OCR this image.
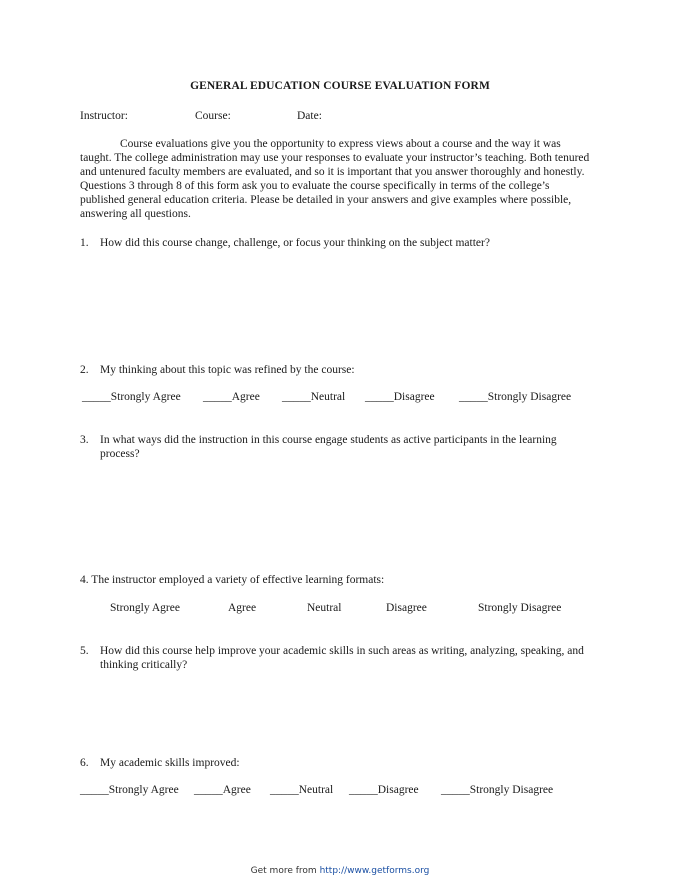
GENERAL EDUCATION COURSE EVALUATION FORM
Instructor:	Course:	Date:
Course evaluations give you the opportunity to express views about a course and the way it was taught. The college administration may use your responses to evaluate your instructor’s teaching. Both tenured and untenured faculty members are evaluated, and so it is important that you answer thoroughly and honestly. Questions 3 through 8 of this form ask you to evaluate the course specifically in terms of the college’s published general education criteria. Please be detailed in your answers and give examples where possible, answering all questions.
1. How did this course change, challenge, or focus your thinking on the subject matter?
2. My thinking about this topic was refined by the course:
_____Strongly Agree _____Agree _____Neutral _____Disagree _____Strongly Disagree
3. In what ways did the instruction in this course engage students as active participants in the learning process?
4. The instructor employed a variety of effective learning formats:
Strongly Agree	Agree	Neutral	Disagree	Strongly Disagree
5. How did this course help improve your academic skills in such areas as writing, analyzing, speaking, and thinking critically?
6. My academic skills improved:
_____Strongly Agree _____Agree _____Neutral _____Disagree _____Strongly Disagree
Get more from http://www.getforms.org
